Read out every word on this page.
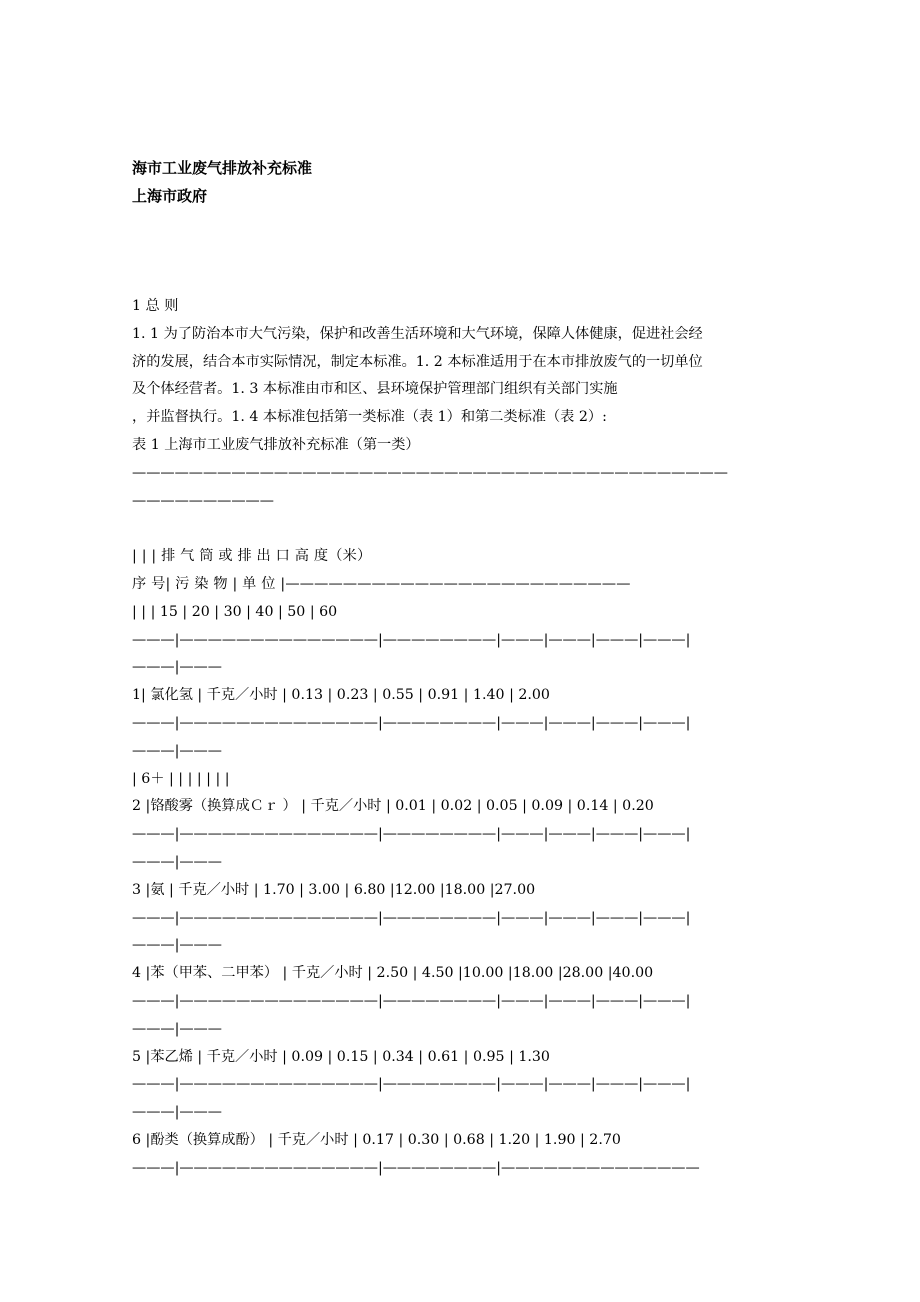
海市工业废气排放补充标准
上海市政府
1 总 则
1. 1 为了防治本市大气污染，保护和改善生活环境和大气环境，保障人体健康，促进社会经
济的发展，结合本市实际情况，制定本标准。1. 2 本标准适用于在本市排放废气的一切单位
及个体经营者。1. 3 本标准由市和区、县环境保护管理部门组织有关部门实施
，并监督执行。1. 4 本标准包括第一类标准（表 1）和第二类标准（表 2）:
表 1 上海市工业废气排放补充标准（第一类）
——————————————————————————————————————————
——————————
| | | 排 气 筒 或 排 出 口 高 度（米）
序 号| 污 染 物 | 单 位 |————————————————————————
| | | 15 | 20 | 30 | 40 | 50 | 60
———|——————————————|————————|———|———|———|———|
———|———
1| 氯化氢 | 千克／小时 | 0.13 | 0.23 | 0.55 | 0.91 | 1.40 | 2.00
———|——————————————|————————|———|———|———|———|
———|———
| 6＋ | | | | | | |
2 |铬酸雾（换算成Ｃｒ ） | 千克／小时 | 0.01 | 0.02 | 0.05 | 0.09 | 0.14 | 0.20
———|——————————————|————————|———|———|———|———|
———|———
3 |氨 | 千克／小时 | 1.70 | 3.00 | 6.80 |12.00 |18.00 |27.00
———|——————————————|————————|———|———|———|———|
———|———
4 |苯（甲苯、二甲苯） | 千克／小时 | 2.50 | 4.50 |10.00 |18.00 |28.00 |40.00
———|——————————————|————————|———|———|———|———|
———|———
5 |苯乙烯 | 千克／小时 | 0.09 | 0.15 | 0.34 | 0.61 | 0.95 | 1.30
———|——————————————|————————|———|———|———|———|
———|———
6 |酚类（换算成酚） | 千克／小时 | 0.17 | 0.30 | 0.68 | 1.20 | 1.90 | 2.70
———|——————————————|————————|——————————————
